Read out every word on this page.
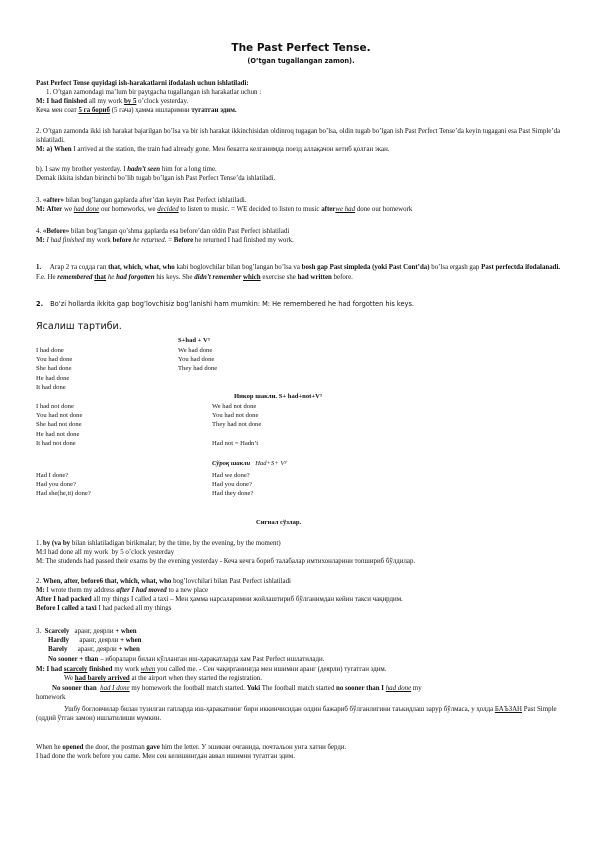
The Past Perfect Tense.
(O’tgan tugallangan zamon).
Past Perfect Tense quyidagi ish-harakatlarni ifodalash uchun ishlatiladi:
1. O’tgan zamondagi ma’lum bir paytgacha tugallangan ish harakatlar uchun :
M: I had finished all my work by 5 o’clock yesterday.
Кеча мен соат 5 га бориб (5 гача) ҳамма ишларимни тугатган эдим.
2. O’tgan zamonda ikki ish harakat bajarilgan bo’lsa va bir ish harakat ikkinchisidan oldinroq tugagan bo’lsa, oldin tugab bo’lgan ish Past Perfect Tense’da keyin tugagani esa Past Simple’da ishlatiladi.
M: a) When I arrived at the station, the train had already gone. Мен бекатга келганимда поезд аллақачон кетиб қолган экан.
b). I saw my brother yesterday. I hadn’t seen him for a long time.
Demak ikkita ishdan birinchi bo’lib tugab bo’lgan ish Past Perfect Tense’da ishlatiladi.
3. «after» bilan bog’langan gaplarda after’dan keyin Past Perfect ishlatiladi.
M: After we had done our homeworks, we decided to listen to music. = WE decided to listen to music afterwe had done our homework
4. «Before» bilan bog’langan qo’shma gaplarda esa before’dan oldin Past Perfect ishlatiladi
M: I had finished my work before he returned. = Before he returned I had finished my work.
1. Агар 2 та содда гап that, which, what, who kabi boglovchilar bilan bog’langan bo’lsa va bosh gap Past simpleda (yoki Past Cont’da) bo’lsa ergash gap Past perfectda ifodalanadi. F.e. He remembered that he had forgotten his keys. She didn’t remember which exercise she had written before.
2. Bo’zi hollarda ikkita gap bog’lovchisiz bog’lanishi ham mumkin: M: He remembered he had forgotten his keys.
Ясалиш тартиби.
S+had + V³
I had done
You had done
She had done
He had done
It had done
We had done
You had done
They had done
Инкор шакли. S+ had+not+V³
I had not done
You had not done
She had not done
He had not done
It had not done
We had not done
You had not done
They had not done

Had not = Hadn’t
Сўроқ шакли Had+S+ V³
Had I done?
Had you done?
Had she(he,it) done?
Had we done?
Had you done?
Had they done?
Сигнал сўзлар.
1. by (va by bilan ishlatiladigan birikmalar; by the time, by the evening, by the moment)
M:I had done all my work by 5 o’clock yesterday
M: The studends had passed their exams by the evening yesterday - Кеча кечга бориб талабалар имтихонларини топшириб бўлдилар.
2. When, after, before6 that, which, what, who bog’lovchilari bilan Past Perfect ishlatiladi
M: I wrote them my address after I had moved to a new place
After I had packed all my things I called a taxi – Мен ҳамма нарсаларимни жойлаштириб бўлганимдан кейин такси чақирдим.
Before I called a taxi I had packed all my things
3. Scarcely аранг, деярли + when
Hardly аранг, деярли + when
Barely аранг, деярли + when
No sooner + than – иборалари билан кўлланган иш-ҳаракатларда хам Past Perfect ишлатилади.
M: I had scarcely finished my work when you called me. - Сен чақирганингда мен ишимни аранг (деярли) тугатган эдим.
We had barely arrived at the airport when they started the registration.
No sooner than had I done my homework the football match started. Yoki The football match started no sooner than I had done my
homework
Ушбу боғловчилар билан тузилган гапларда иш-ҳаракатнинг бири иккинчисидан олдин бажариб бўлганлигини таъкидлаш зарур бўлмаса, у ҳолда БАЪЗАН Past Simple (оддий ўтган замон) ишлатилиши мумкин.
When he opened the door, the postman gave him the letter. У эшикни очганида, почтальон унга хатни берди.
I had done the work before you came. Мен сен келишингдан аввал ишимни тугатган эдим.
